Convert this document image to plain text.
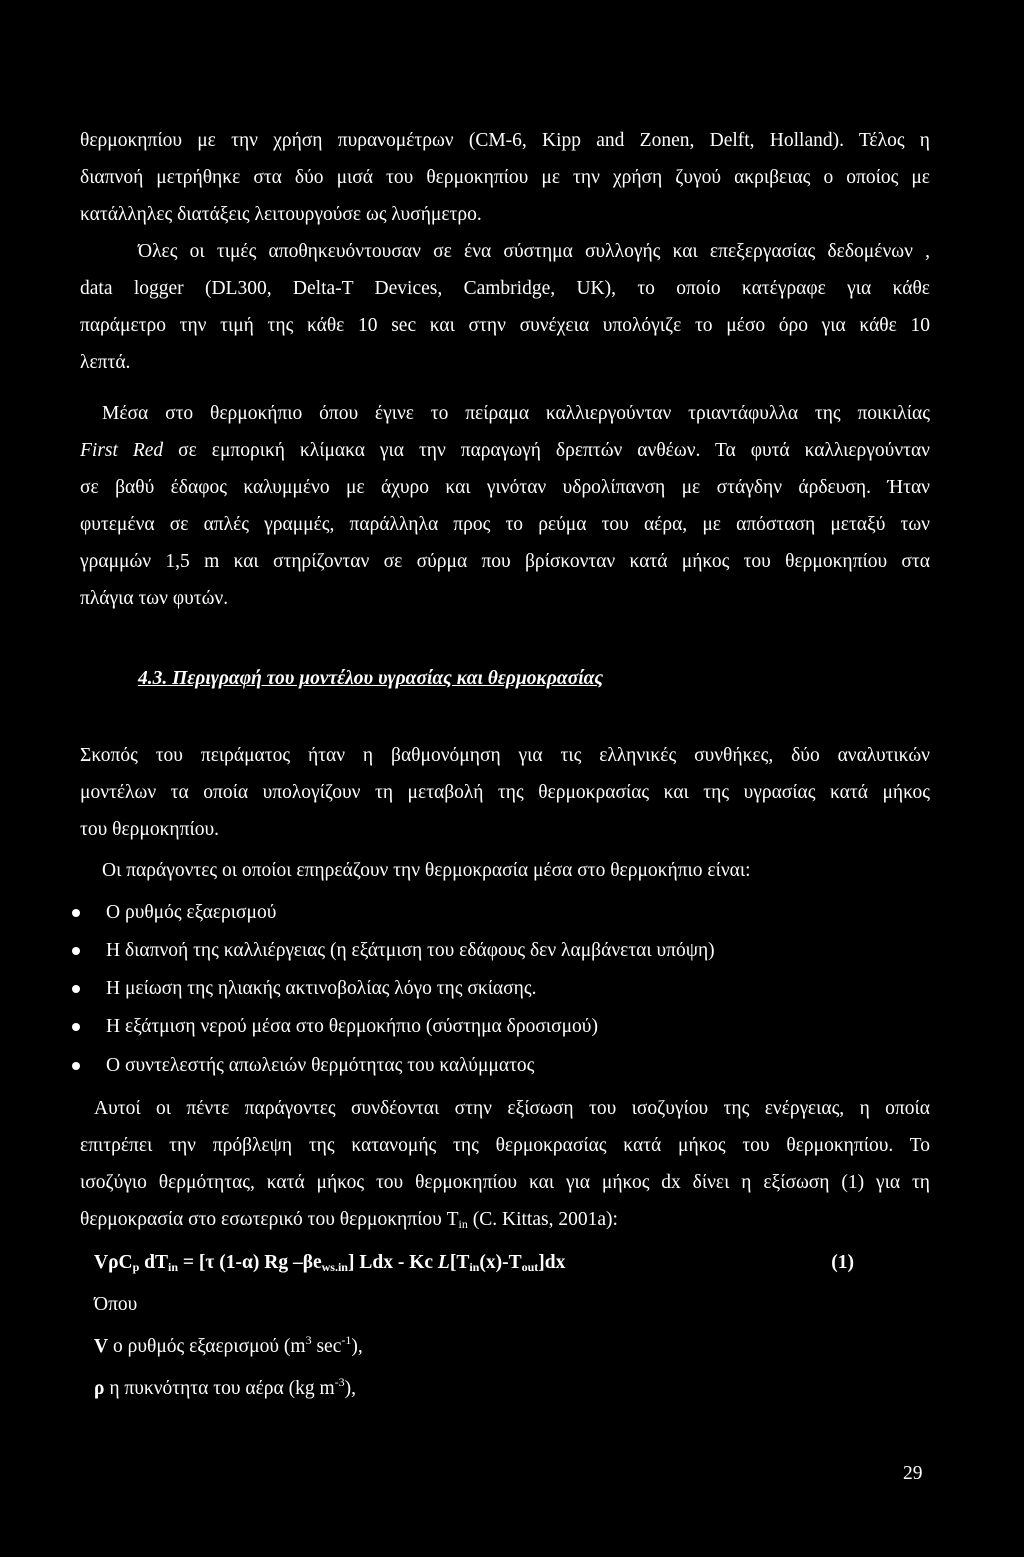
θερμοκηπίου με την χρήση πυρανομέτρων (CM-6, Kipp and Zonen, Delft, Holland). Τέλος η
διαπνοή μετρήθηκε στα δύο μισά του θερμοκηπίου με την χρήση ζυγού ακριβειας ο οποίος με
κατάλληλες διατάξεις λειτουργούσε ως λυσήμετρο.
Όλες οι τιμές αποθηκευόντουσαν σε ένα σύστημα συλλογής και επεξεργασίας δεδομένων ,
data logger (DL300, Delta-T Devices, Cambridge, UK), το οποίο κατέγραφε για κάθε
παράμετρο την τιμή της κάθε 10 sec και στην συνέχεια υπολόγιζε το μέσο όρο για κάθε 10
λεπτά.
Μέσα στο θερμοκήπιο όπου έγινε το πείραμα καλλιεργούνταν τριαντάφυλλα της ποικιλίας
First Red σε εμπορική κλίμακα για την παραγωγή δρεπτών ανθέων. Τα φυτά καλλιεργούνταν
σε βαθύ έδαφος καλυμμένο με άχυρο και γινόταν υδρολίπανση με στάγδην άρδευση. Ήταν
φυτεμένα σε απλές γραμμές, παράλληλα προς το ρεύμα του αέρα, με απόσταση μεταξύ των
γραμμών 1,5 m και στηρίζονταν σε σύρμα που βρίσκονταν κατά μήκος του θερμοκηπίου στα
πλάγια των φυτών.
4.3. Περιγραφή του μοντέλου υγρασίας και θερμοκρασίας
Σκοπός του πειράματος ήταν η βαθμονόμηση για τις ελληνικές συνθήκες, δύο αναλυτικών
μοντέλων τα οποία υπολογίζουν τη μεταβολή της θερμοκρασίας και της υγρασίας κατά μήκος
του θερμοκηπίου.
Οι παράγοντες οι οποίοι επηρεάζουν την θερμοκρασία μέσα στο θερμοκήπιο είναι:
Ο ρυθμός εξαερισμού
Η διαπνοή της καλλιέργειας (η εξάτμιση του εδάφους δεν λαμβάνεται υπόψη)
Η μείωση της ηλιακής ακτινοβολίας λόγο της σκίασης.
Η εξάτμιση νερού μέσα στο θερμοκήπιο (σύστημα δροσισμού)
Ο συντελεστής απωλειών θερμότητας του καλύμματος
Αυτοί οι πέντε παράγοντες συνδέονται στην εξίσωση του ισοζυγίου της ενέργειας, η οποία
επιτρέπει την πρόβλεψη της κατανομής της θερμοκρασίας κατά μήκος του θερμοκηπίου. Το
ισοζύγιο θερμότητας, κατά μήκος του θερμοκηπίου και για μήκος dx δίνει η εξίσωση (1) για τη
θερμοκρασία στο εσωτερικό του θερμοκηπίου $T_{in}$ (C. Kittas, 2001a):
VρC$_p$ $dT_{in} = [\tau$ (1-α) Rg $-\beta e_{ws.in}$] Ldx - Kc $L[T_{in}(x)-T_{out}]dx$	(1)
Όπου
V ο ρυθμός εξαερισμού ($m^3$ $\sec^{-1}$),
ρ η πυκνότητα του αέρα (kg $m^{-3}$),
29
